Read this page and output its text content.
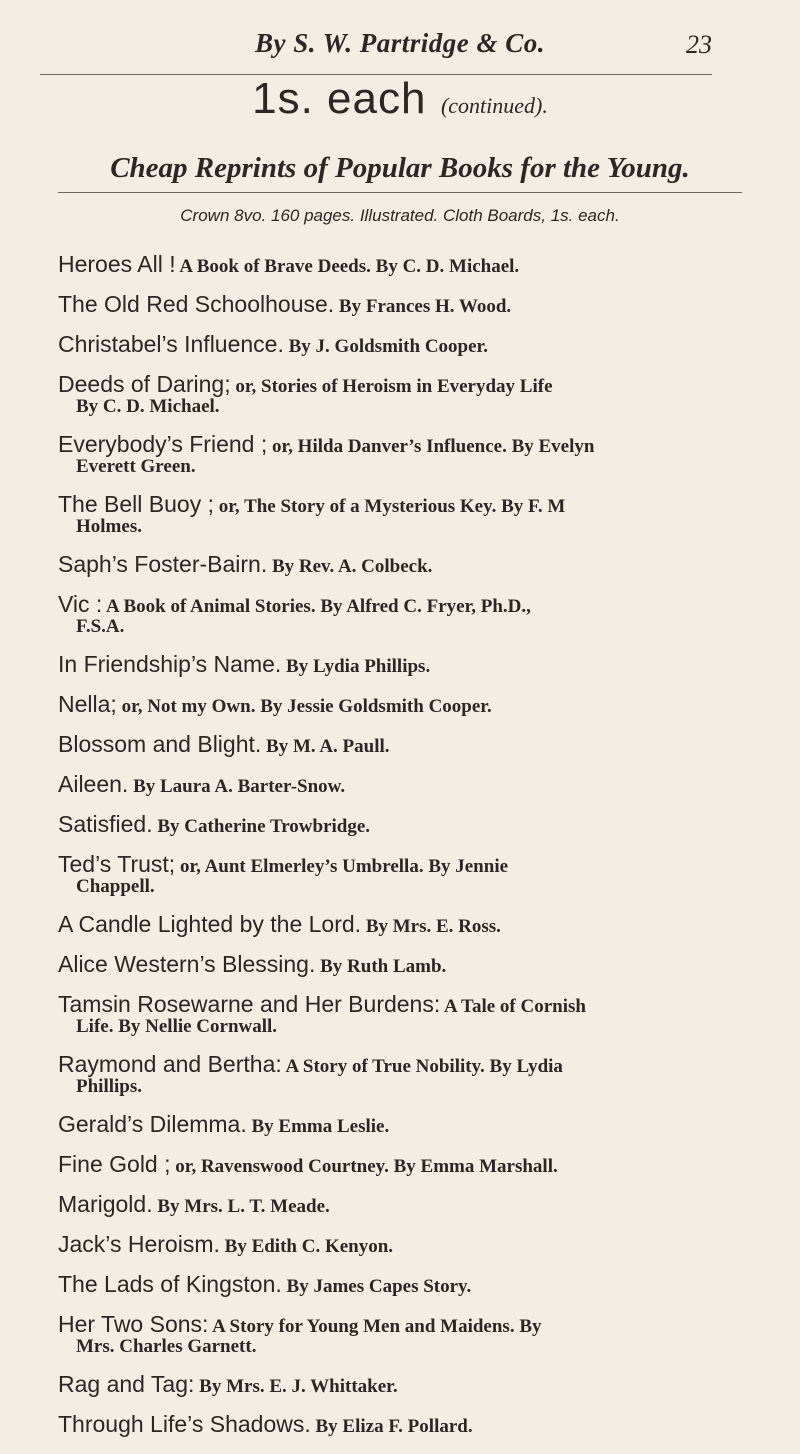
By S. W. Partridge & Co.	23
1s. each (continued).
Cheap Reprints of Popular Books for the Young.
Crown 8vo. 160 pages. Illustrated. Cloth Boards, 1s. each.
Heroes All ! A Book of Brave Deeds. By C. D. Michael.
The Old Red Schoolhouse. By Frances H. Wood.
Christabel’s Influence. By J. Goldsmith Cooper.
Deeds of Daring; or, Stories of Heroism in Everyday Life
By C. D. Michael.
Everybody’s Friend ; or, Hilda Danver’s Influence. By Evelyn
Everett Green.
The Bell Buoy ; or, The Story of a Mysterious Key. By F. M
Holmes.
Saph’s Foster-Bairn. By Rev. A. Colbeck.
Vic : A Book of Animal Stories. By Alfred C. Fryer, Ph.D.,
F.S.A.
In Friendship’s Name. By Lydia Phillips.
Nella; or, Not my Own. By Jessie Goldsmith Cooper.
Blossom and Blight. By M. A. Paull.
Aileen. By Laura A. Barter-Snow.
Satisfied. By Catherine Trowbridge.
Ted’s Trust; or, Aunt Elmerley’s Umbrella. By Jennie
Chappell.
A Candle Lighted by the Lord. By Mrs. E. Ross.
Alice Western’s Blessing. By Ruth Lamb.
Tamsin Rosewarne and Her Burdens: A Tale of Cornish
Life. By Nellie Cornwall.
Raymond and Bertha: A Story of True Nobility. By Lydia
Phillips.
Gerald’s Dilemma. By Emma Leslie.
Fine Gold ; or, Ravenswood Courtney. By Emma Marshall.
Marigold. By Mrs. L. T. Meade.
Jack’s Heroism. By Edith C. Kenyon.
The Lads of Kingston. By James Capes Story.
Her Two Sons: A Story for Young Men and Maidens. By
Mrs. Charles Garnett.
Rag and Tag: By Mrs. E. J. Whittaker.
Through Life’s Shadows. By Eliza F. Pollard.
